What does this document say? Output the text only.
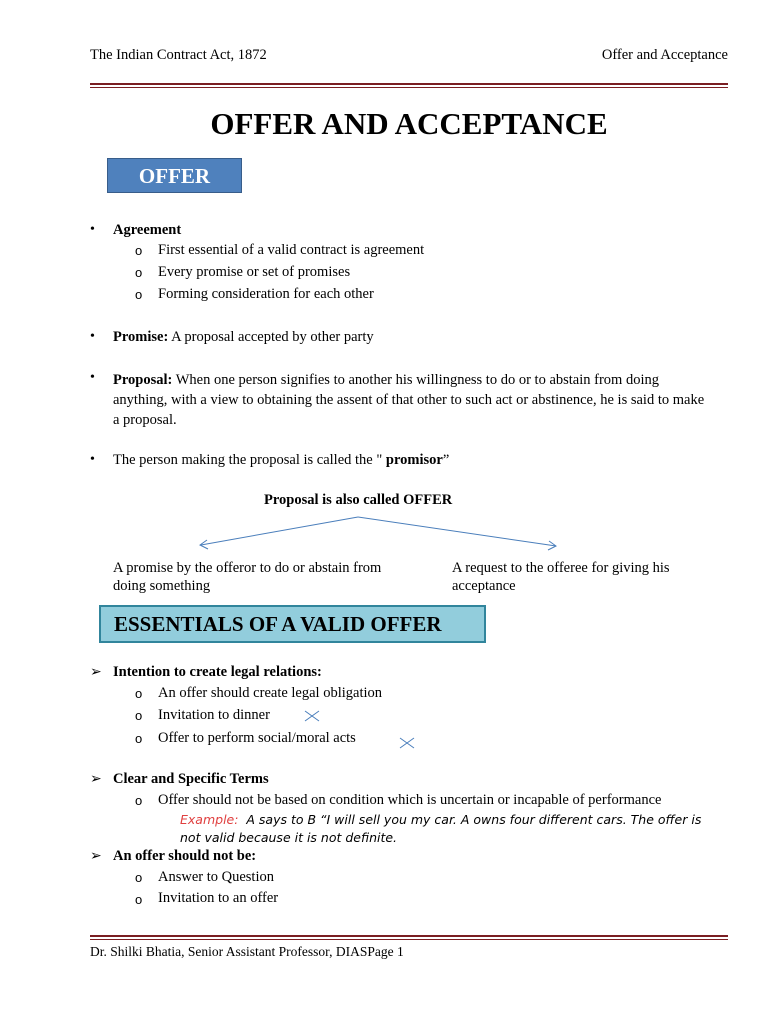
The Indian Contract Act, 1872	Offer and Acceptance
OFFER AND ACCEPTANCE
OFFER
• Agreement
o First essential of a valid contract is agreement
o Every promise or set of promises
o Forming consideration for each other
• Promise: A proposal accepted by other party
• Proposal: When one person signifies to another his willingness to do or to abstain from doing
anything, with a view to obtaining the assent of that other to such act or abstinence, he is said to make
a proposal.
• The person making the proposal is called the " promisor”
Proposal is also called OFFER
A promise by the offeror to do or abstain from
doing something
A request to the offeree for giving his
acceptance
ESSENTIALS OF A VALID OFFER
➢ Intention to create legal relations:
o An offer should create legal obligation
o Invitation to dinner
o Offer to perform social/moral acts
➢ Clear and Specific Terms
o Offer should not be based on condition which is uncertain or incapable of performance
Example:  A says to B “I will sell you my car. A owns four different cars. The offer is
not valid because it is not definite.
➢ An offer should not be:
o Answer to Question
o Invitation to an offer
Dr. Shilki Bhatia, Senior Assistant Professor, DIASPage 1
